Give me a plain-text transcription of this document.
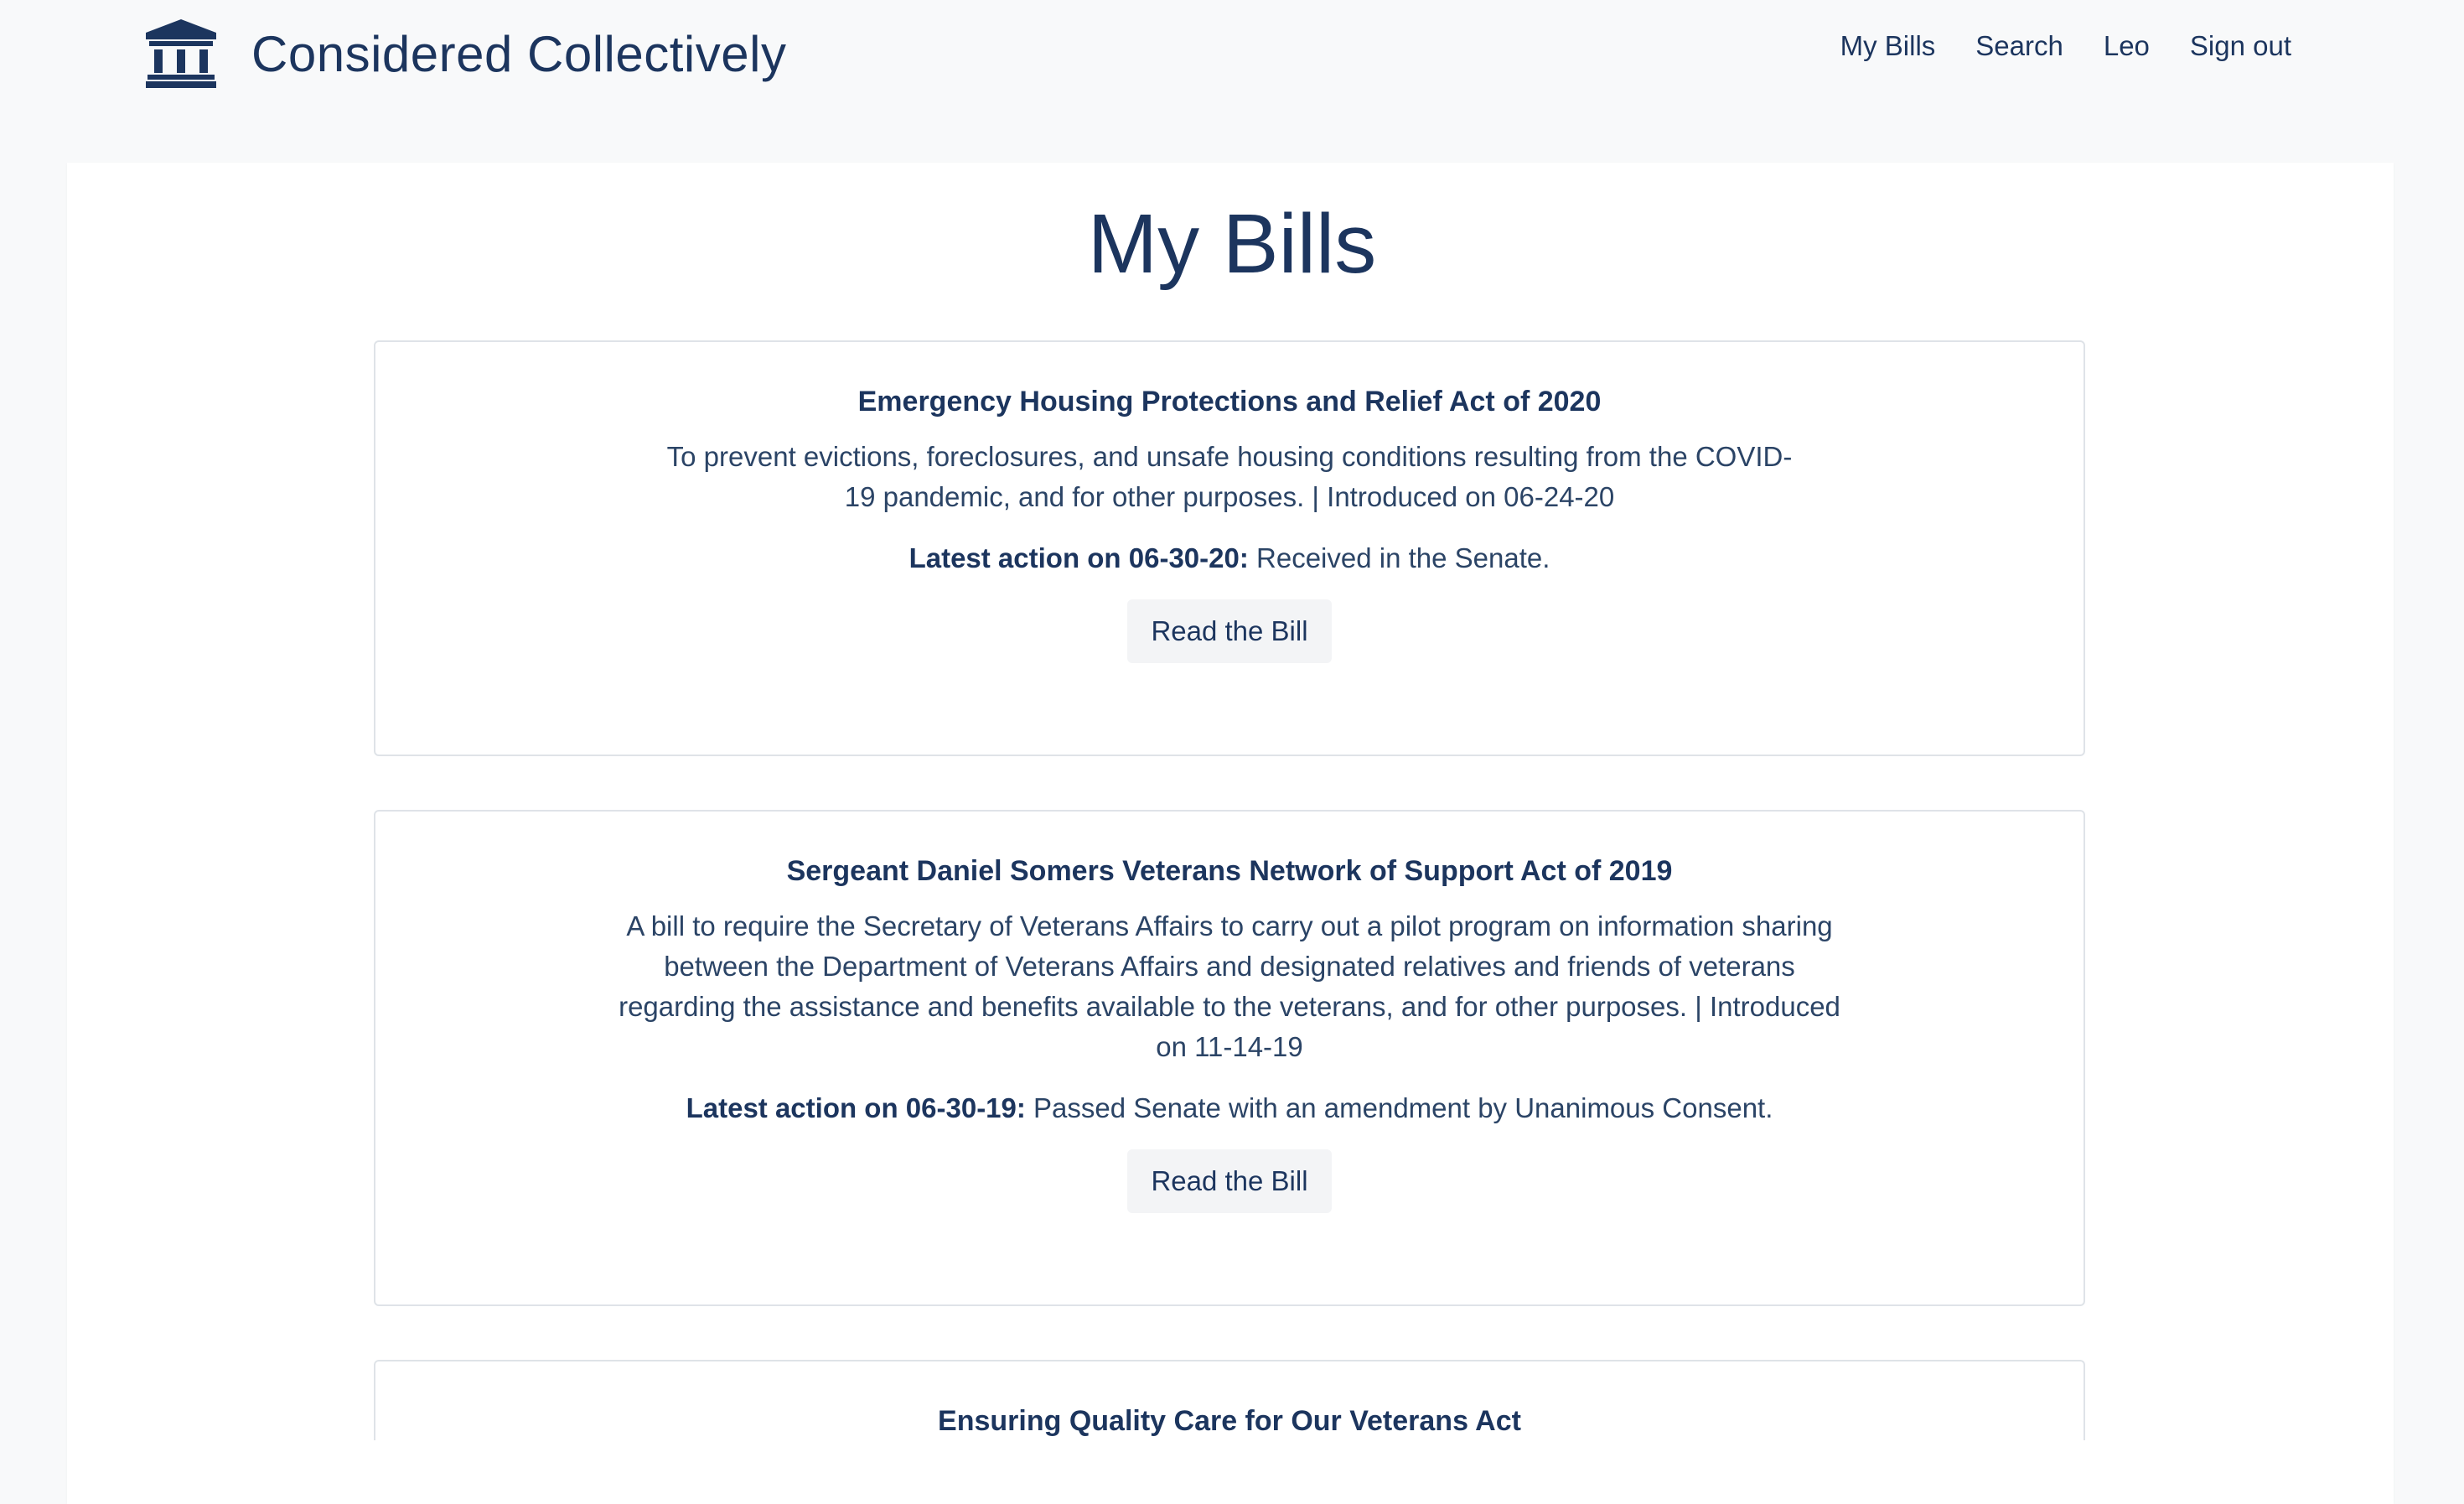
Considered Collectively	My Bills Search Leo Sign out
My Bills
Emergency Housing Protections and Relief Act of 2020

To prevent evictions, foreclosures, and unsafe housing conditions resulting from the COVID-19 pandemic, and for other purposes. | Introduced on 06-24-20

Latest action on 06-30-20: Received in the Senate.

Read the Bill
Sergeant Daniel Somers Veterans Network of Support Act of 2019

A bill to require the Secretary of Veterans Affairs to carry out a pilot program on information sharing between the Department of Veterans Affairs and designated relatives and friends of veterans regarding the assistance and benefits available to the veterans, and for other purposes. | Introduced on 11-14-19

Latest action on 06-30-19: Passed Senate with an amendment by Unanimous Consent.

Read the Bill
Ensuring Quality Care for Our Veterans Act
